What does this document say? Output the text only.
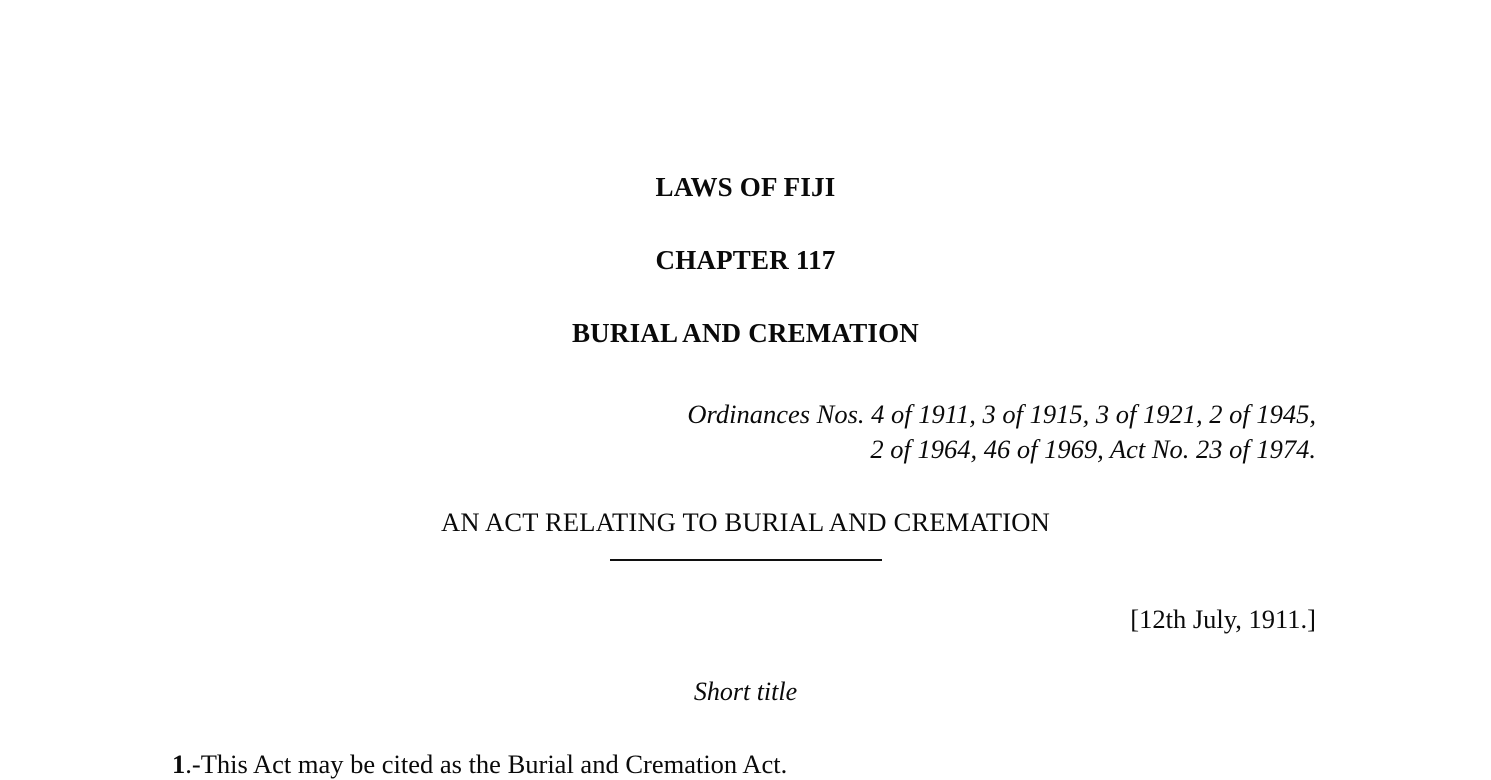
LAWS OF FIJI
CHAPTER 117
BURIAL AND CREMATION
Ordinances Nos. 4 of 1911, 3 of 1915, 3 of 1921, 2 of 1945,
2 of 1964, 46 of 1969, Act No. 23 of 1974.
AN ACT RELATING TO BURIAL AND CREMATION
[12th July, 1911.]
Short title
1.-This Act may be cited as the Burial and Cremation Act.
